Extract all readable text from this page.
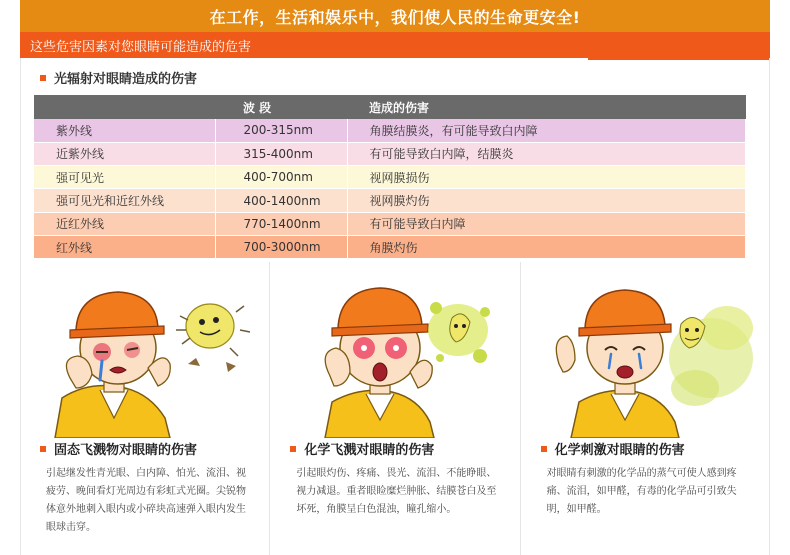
在工作，生活和娱乐中，我们使人民的生命更安全!
这些危害因素对您眼睛可能造成的危害
光辐射对眼睛造成的伤害
	波 段	造成的伤害
紫外线	200-315nm	角膜结膜炎，有可能导致白内障
近紫外线	315-400nm	有可能导致白内障，结膜炎
强可见光	400-700nm	视网膜损伤
强可见光和近红外线	400-1400nm	视网膜灼伤
近红外线	770-1400nm	有可能导致白内障
红外线	700-3000nm	角膜灼伤
固态飞溅物对眼睛的伤害
引起继发性青光眼、白内障、怕光、流泪、视疲劳、晚间看灯光周边有彩虹式光圈。尖锐物体意外地刺入眼内或小碎块高速弹入眼内发生眼球击穿。
化学飞溅对眼睛的伤害
引起眼灼伤、疼痛、畏光、流泪、不能睁眼、视力减退。重者眼睑糜烂肿胀、结膜苍白及至坏死，角膜呈白色混浊，瞳孔缩小。
化学刺激对眼睛的伤害
对眼睛有刺激的化学品的蒸气可使人感到疼痛、流泪，如甲醛，有毒的化学品可引致失明，如甲醛。
